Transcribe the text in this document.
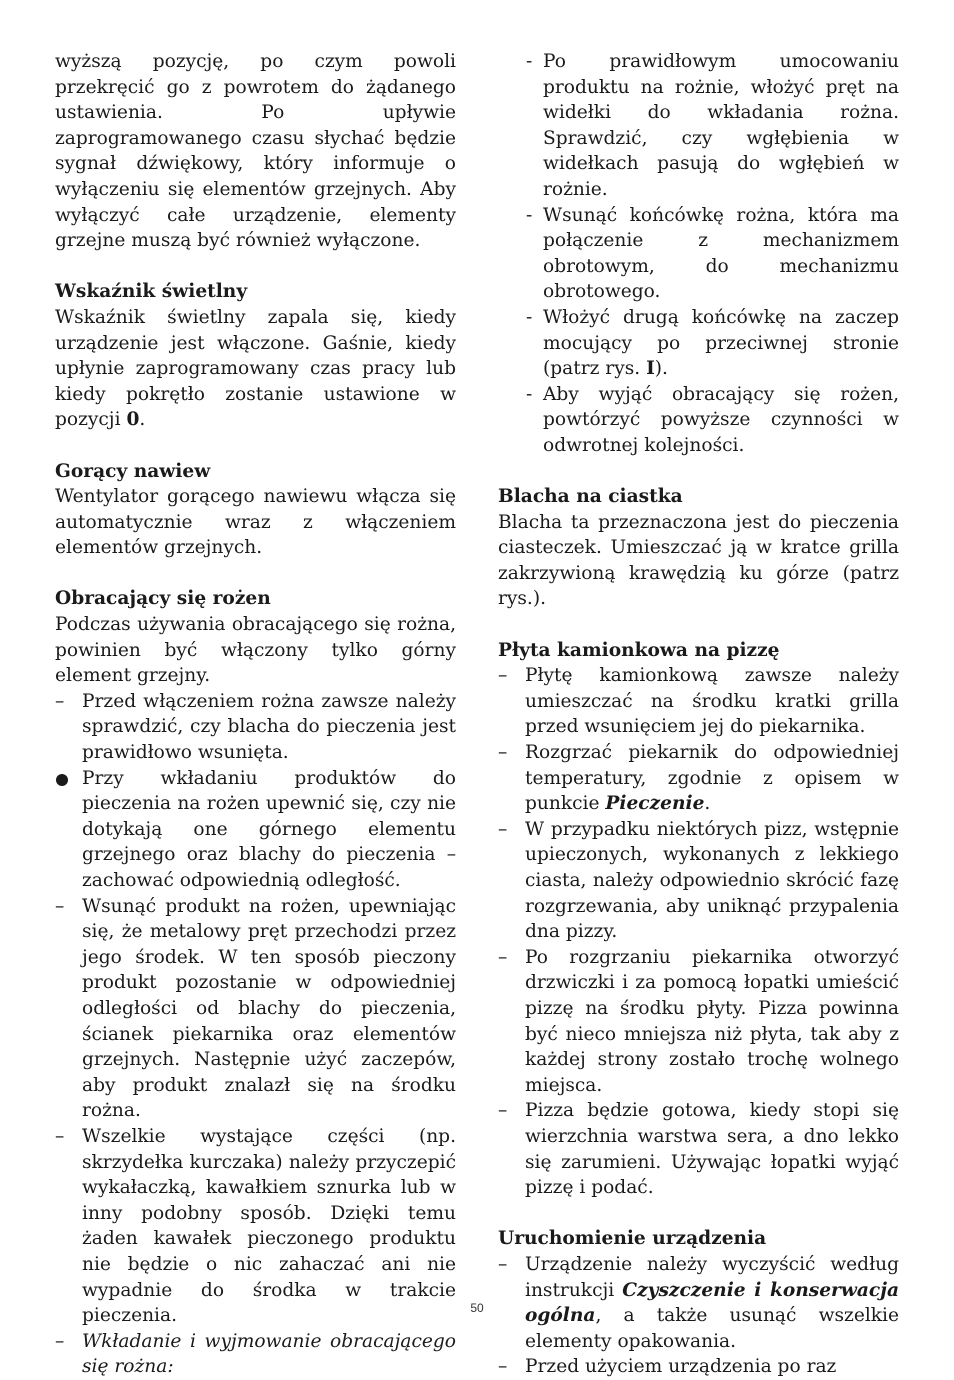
wyższą pozycję, po czym powoli przekręcić go z powrotem do żądanego ustawienia. Po upływie zaprogramowanego czasu słychać będzie sygnał dźwiękowy, który informuje o wyłączeniu się elementów grzejnych. Aby wyłączyć całe urządzenie, elementy grzejne muszą być również wyłączone.

Wskaźnik świetlny

Wskaźnik świetlny zapala się, kiedy urządzenie jest włączone. Gaśnie, kiedy upłynie zaprogramowany czas pracy lub kiedy pokrętło zostanie ustawione w pozycji 0.

Gorący nawiew

Wentylator gorącego nawiewu włącza się automatycznie wraz z włączeniem elementów grzejnych.

Obracający się rożen

Podczas używania obracającego się rożna, powinien być włączony tylko górny element grzejny.

– Przed włączeniem rożna zawsze należy sprawdzić, czy blacha do pieczenia jest prawidłowo wsunięta.
Przy wkładaniu produktów do pieczenia na rożen upewnić się, czy nie dotykają one górnego elementu grzejnego oraz blachy do pieczenia – zachować odpowiednią odległość.
– Wsunąć produkt na rożen, upewniając się, że metalowy pręt przechodzi przez jego środek. W ten sposób pieczony produkt pozostanie w odpowiedniej odległości od blachy do pieczenia, ścianek piekarnika oraz elementów grzejnych. Następnie użyć zaczepów, aby produkt znalazł się na środku rożna.
– Wszelkie wystające części (np. skrzydełka kurczaka) należy przyczepić wykałaczką, kawałkiem sznurka lub w inny podobny sposób. Dzięki temu żaden kawałek pieczonego produktu nie będzie o nic zahaczać ani nie wypadnie do środka w trakcie pieczenia.
– Wkładanie i wyjmowanie obracającego się rożna:
- Po prawidłowym umocowaniu produktu na rożnie, włożyć pręt na widełki do wkładania rożna. Sprawdzić, czy wgłębienia w widełkach pasują do wgłębień w rożnie.
- Wsunąć końcówkę rożna, która ma połączenie z mechanizmem obrotowym, do mechanizmu obrotowego.
- Włożyć drugą końcówkę na zaczep mocujący po przeciwnej stronie (patrz rys. I).
- Aby wyjąć obracający się rożen, powtórzyć powyższe czynności w odwrotnej kolejności.

Blacha na ciastka

Blacha ta przeznaczona jest do pieczenia ciasteczek. Umieszczać ją w kratce grilla zakrzywioną krawędzią ku górze (patrz rys.).

Płyta kamionkowa na pizzę

– Płytę kamionkową zawsze należy umieszczać na środku kratki grilla przed wsunięciem jej do piekarnika.
– Rozgrzać piekarnik do odpowiedniej temperatury, zgodnie z opisem w punkcie Pieczenie.
– W przypadku niektórych pizz, wstępnie upieczonych, wykonanych z lekkiego ciasta, należy odpowiednio skrócić fazę rozgrzewania, aby uniknąć przypalenia dna pizzy.
– Po rozgrzaniu piekarnika otworzyć drzwiczki i za pomocą łopatki umieścić pizzę na środku płyty. Pizza powinna być nieco mniejsza niż płyta, tak aby z każdej strony zostało trochę wolnego miejsca.
– Pizza będzie gotowa, kiedy stopi się wierzchnia warstwa sera, a dno lekko się zarumieni. Używając łopatki wyjąć pizzę i podać.

Uruchomienie urządzenia

– Urządzenie należy wyczyścić według instrukcji Czyszczenie i konserwacja ogólna, a także usunąć wszelkie elementy opakowania.
– Przed użyciem urządzenia po raz
50
